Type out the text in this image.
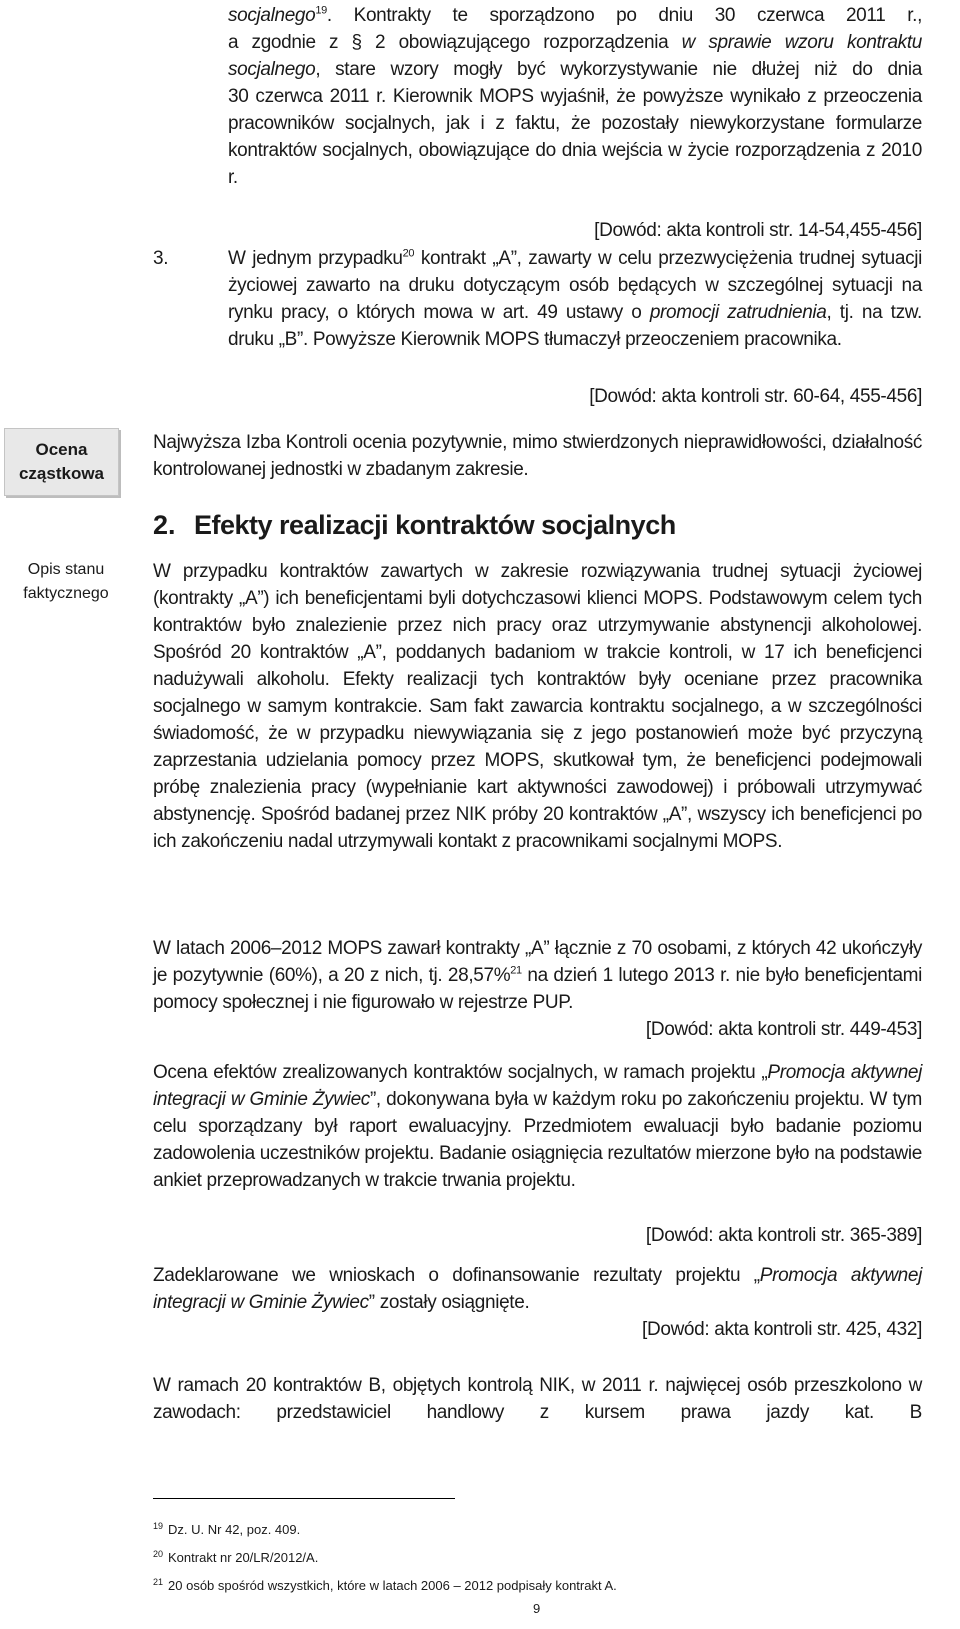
socjalnego$^{19}$. Kontrakty te sporządzono po dniu 30 czerwca 2011 r.,
a zgodnie z § 2 obowiązującego rozporządzenia w sprawie wzoru kontraktu
socjalnego, stare wzory mogły być wykorzystywanie nie dłużej niż do dnia
30 czerwca 2011 r. Kierownik MOPS wyjaśnił, że powyższe wynikało z przeoczenia pracowników socjalnych, jak i z faktu, że pozostały niewykorzystane formularze kontraktów socjalnych, obowiązujące do dnia wejścia w życie rozporządzenia z 2010 r.
[Dowód: akta kontroli str. 14-54,455-456]
3.	W jednym przypadku$^{20}$ kontrakt „A”, zawarty w celu przezwyciężenia trudnej sytuacji życiowej zawarto na druku dotyczącym osób będących w szczególnej sytuacji na rynku pracy, o których mowa w art. 49 ustawy o promocji zatrudnienia, tj. na tzw. druku „B”. Powyższe Kierownik MOPS tłumaczył przeoczeniem pracownika.
[Dowód: akta kontroli str. 60-64, 455-456]
Ocena cząstkowa
Najwyższa Izba Kontroli ocenia pozytywnie, mimo stwierdzonych nieprawidłowości, działalność kontrolowanej jednostki w zbadanym zakresie.
2. Efekty realizacji kontraktów socjalnych
Opis stanu faktycznego
W przypadku kontraktów zawartych w zakresie rozwiązywania trudnej sytuacji życiowej (kontrakty „A”) ich beneficjentami byli dotychczasowi klienci MOPS. Podstawowym celem tych kontraktów było znalezienie przez nich pracy oraz utrzymywanie abstynencji alkoholowej. Spośród 20 kontraktów „A”, poddanych badaniom w trakcie kontroli, w 17 ich beneficjenci nadużywali alkoholu. Efekty realizacji tych kontraktów były oceniane przez pracownika socjalnego w samym kontrakcie. Sam fakt zawarcia kontraktu socjalnego, a w szczególności świadomość, że w przypadku niewywiązania się z jego postanowień może być przyczyną zaprzestania udzielania pomocy przez MOPS, skutkował tym, że beneficjenci podejmowali próbę znalezienia pracy (wypełnianie kart aktywności zawodowej) i próbowali utrzymywać abstynencję. Spośród badanej przez NIK próby 20 kontraktów „A”, wszyscy ich beneficjenci po ich zakończeniu nadal utrzymywali kontakt z pracownikami socjalnymi MOPS.
W latach 2006–2012 MOPS zawarł kontrakty „A” łącznie z 70 osobami, z których 42 ukończyły je pozytywnie (60%), a 20 z nich, tj. 28,57%$^{21}$ na dzień 1 lutego 2013 r. nie było beneficjentami pomocy społecznej i nie figurowało w rejestrze PUP.
[Dowód: akta kontroli str. 449-453]
Ocena efektów zrealizowanych kontraktów socjalnych, w ramach projektu „Promocja aktywnej integracji w Gminie Żywiec”, dokonywana była w każdym roku po zakończeniu projektu. W tym celu sporządzany był raport ewaluacyjny. Przedmiotem ewaluacji było badanie poziomu zadowolenia uczestników projektu. Badanie osiągnięcia rezultatów mierzone było na podstawie ankiet przeprowadzanych w trakcie trwania projektu.
[Dowód: akta kontroli str. 365-389]
Zadeklarowane we wnioskach o dofinansowanie rezultaty projektu „Promocja aktywnej integracji w Gminie Żywiec” zostały osiągnięte.
[Dowód: akta kontroli str. 425, 432]
W ramach 20 kontraktów B, objętych kontrolą NIK, w 2011 r. najwięcej osób przeszkolono w zawodach: przedstawiciel handlowy z kursem prawa jazdy kat. B
$^{19}$ Dz. U. Nr 42, poz. 409.
$^{20}$ Kontrakt nr 20/LR/2012/A.
$^{21}$ 20 osób spośród wszystkich, które w latach 2006 – 2012 podpisały kontrakt A.
9
